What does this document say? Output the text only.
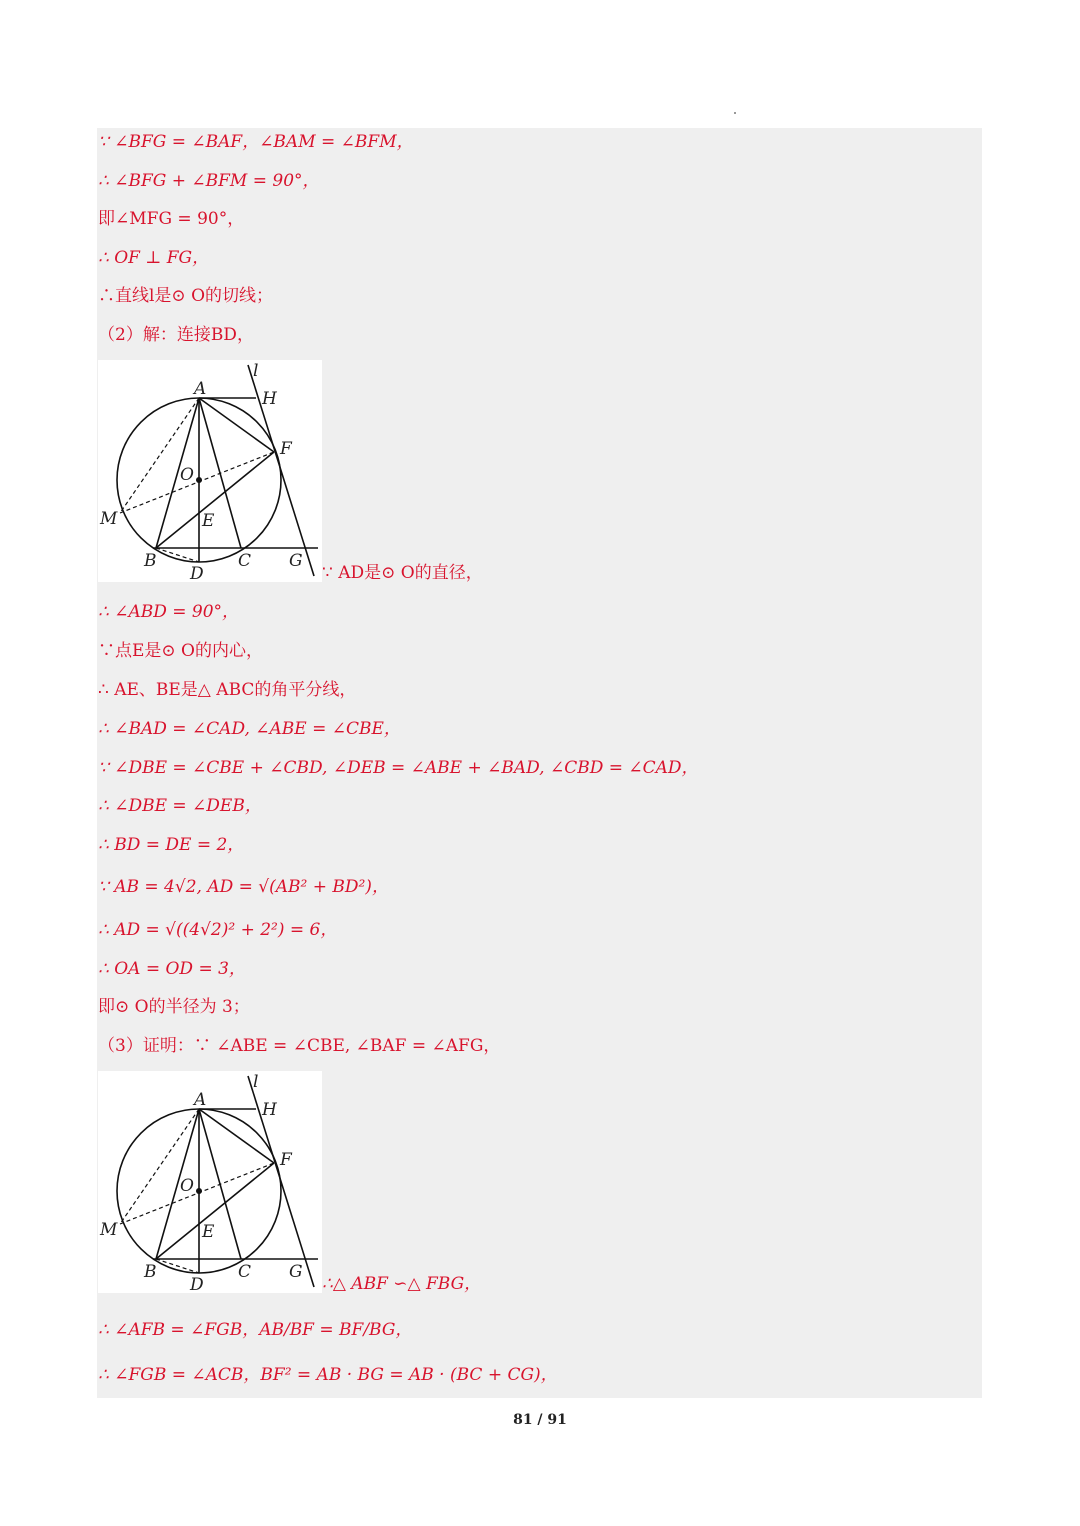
∵ ∠BFG = ∠BAF，∠BAM = ∠BFM，
∴ ∠BFG + ∠BFM = 90°，
即∠MFG = 90°，
∴ OF ⊥ FG，
∴直线l是⊙ O的切线；
（2）解：连接BD，
A	H
l
F
O
M	E
B
D
C G
∵ AD是⊙ O的直径，
∴ ∠ABD = 90°，
∵点E是⊙ O的内心，
∴ AE、BE是△ ABC的角平分线，
∴ ∠BAD = ∠CAD, ∠ABE = ∠CBE，
∵ ∠DBE = ∠CBE + ∠CBD, ∠DEB = ∠ABE + ∠BAD, ∠CBD = ∠CAD，
∴ ∠DBE = ∠DEB，
∴ BD = DE = 2，
∵ AB = 4√2, AD = √(AB² + BD²)，
∴ AD = √((4√2)² + 2²) = 6，
∴ OA = OD = 3，
即⊙ O的半径为 3；
（3）证明：∵ ∠ABE = ∠CBE, ∠BAF = ∠AFG，
A	H
l
F
O
M	E
B
D
C G
∴△ ABF ∽△ FBG，
∴ ∠AFB = ∠FGB，AB/BF = BF/BG，
∴ ∠FGB = ∠ACB，BF² = AB · BG = AB · (BC + CG)，
81 / 91
